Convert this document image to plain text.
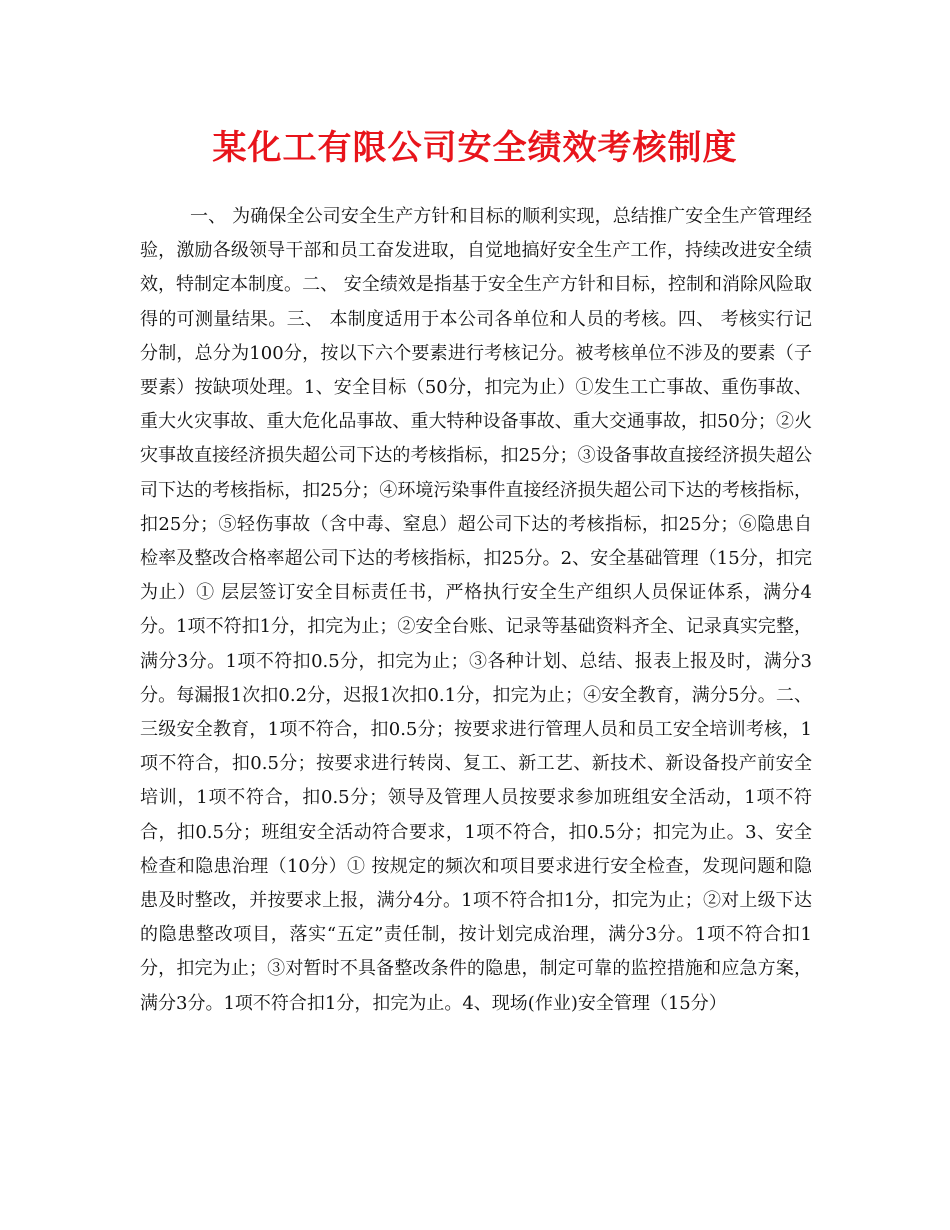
某化工有限公司安全绩效考核制度

一、 为确保全公司安全生产方针和目标的顺利实现，总结推广安全生产管理经验，激励各级领导干部和员工奋发进取，自觉地搞好安全生产工作，持续改进安全绩效，特制定本制度。二、 安全绩效是指基于安全生产方针和目标，控制和消除风险取得的可测量结果。三、 本制度适用于本公司各单位和人员的考核。四、 考核实行记分制，总分为100分，按以下六个要素进行考核记分。被考核单位不涉及的要素（子要素）按缺项处理。1、安全目标（50分，扣完为止）①发生工亡事故、重伤事故、重大火灾事故、重大危化品事故、重大特种设备事故、重大交通事故，扣50分；②火灾事故直接经济损失超公司下达的考核指标，扣25分；③设备事故直接经济损失超公司下达的考核指标，扣25分；④环境污染事件直接经济损失超公司下达的考核指标，扣25分；⑤轻伤事故（含中毒、窒息）超公司下达的考核指标，扣25分；⑥隐患自检率及整改合格率超公司下达的考核指标，扣25分。2、安全基础管理（15分，扣完为止）① 层层签订安全目标责任书，严格执行安全生产组织人员保证体系，满分4分。1项不符扣1分，扣完为止；②安全台账、记录等基础资料齐全、记录真实完整，满分3分。1项不符扣0.5分，扣完为止；③各种计划、总结、报表上报及时，满分3分。每漏报1次扣0.2分，迟报1次扣0.1分，扣完为止；④安全教育，满分5分。二、三级安全教育，1项不符合，扣0.5分；按要求进行管理人员和员工安全培训考核，1项不符合，扣0.5分；按要求进行转岗、复工、新工艺、新技术、新设备投产前安全培训，1项不符合，扣0.5分；领导及管理人员按要求参加班组安全活动，1项不符合，扣0.5分；班组安全活动符合要求，1项不符合，扣0.5分；扣完为止。3、安全检查和隐患治理（10分）① 按规定的频次和项目要求进行安全检查，发现问题和隐患及时整改，并按要求上报，满分4分。1项不符合扣1分，扣完为止；②对上级下达的隐患整改项目，落实“五定”责任制，按计划完成治理，满分3分。1项不符合扣1分，扣完为止；③对暂时不具备整改条件的隐患，制定可靠的监控措施和应急方案，满分3分。1项不符合扣1分，扣完为止。4、现场(作业)安全管理（15分）
